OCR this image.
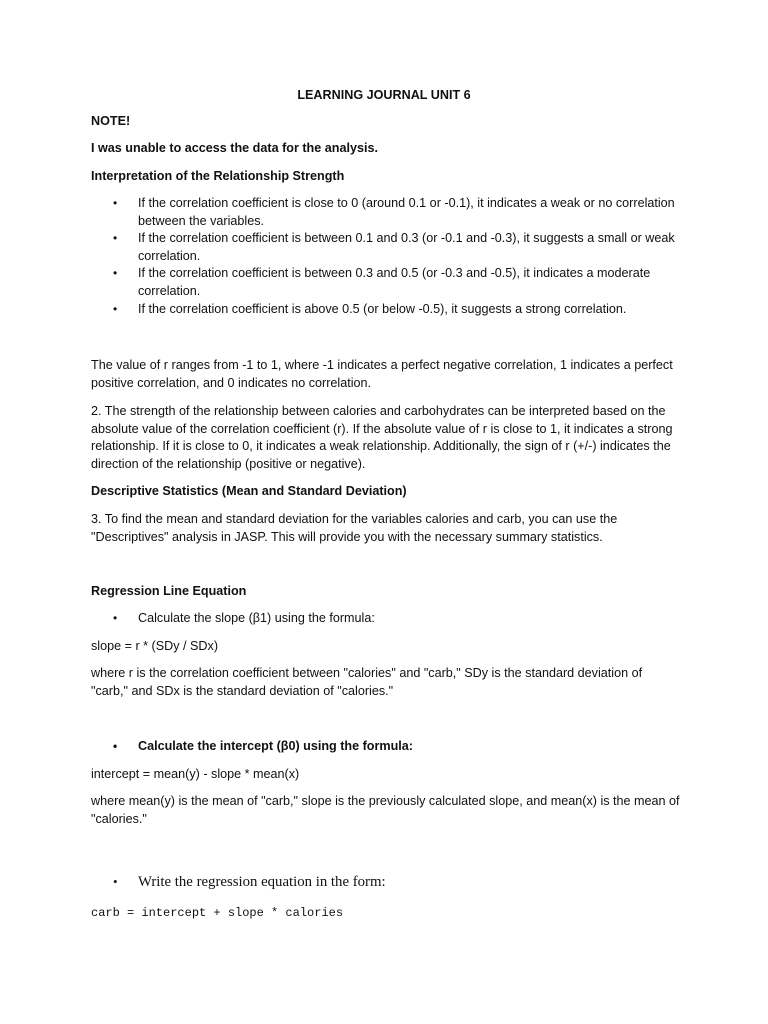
LEARNING JOURNAL UNIT 6
NOTE!
I was unable to access the data for the analysis.
Interpretation of the Relationship Strength
• If the correlation coefficient is close to 0 (around 0.1 or -0.1), it indicates a weak or no correlation between the variables.
• If the correlation coefficient is between 0.1 and 0.3 (or -0.1 and -0.3), it suggests a small or weak correlation.
• If the correlation coefficient is between 0.3 and 0.5 (or -0.3 and -0.5), it indicates a moderate correlation.
• If the correlation coefficient is above 0.5 (or below -0.5), it suggests a strong correlation.
The value of r ranges from -1 to 1, where -1 indicates a perfect negative correlation, 1 indicates a perfect positive correlation, and 0 indicates no correlation.
2. The strength of the relationship between calories and carbohydrates can be interpreted based on the absolute value of the correlation coefficient (r). If the absolute value of r is close to 1, it indicates a strong relationship. If it is close to 0, it indicates a weak relationship. Additionally, the sign of r (+/-) indicates the direction of the relationship (positive or negative).
Descriptive Statistics (Mean and Standard Deviation)
3. To find the mean and standard deviation for the variables calories and carb, you can use the "Descriptives" analysis in JASP. This will provide you with the necessary summary statistics.
Regression Line Equation
• Calculate the slope (β1) using the formula:
slope = r * (SDy / SDx)
where r is the correlation coefficient between "calories" and "carb," SDy is the standard deviation of "carb," and SDx is the standard deviation of "calories."
• Calculate the intercept (β0) using the formula:
intercept = mean(y) - slope * mean(x)
where mean(y) is the mean of "carb," slope is the previously calculated slope, and mean(x) is the mean of "calories."
• Write the regression equation in the form:
carb = intercept + slope * calories
